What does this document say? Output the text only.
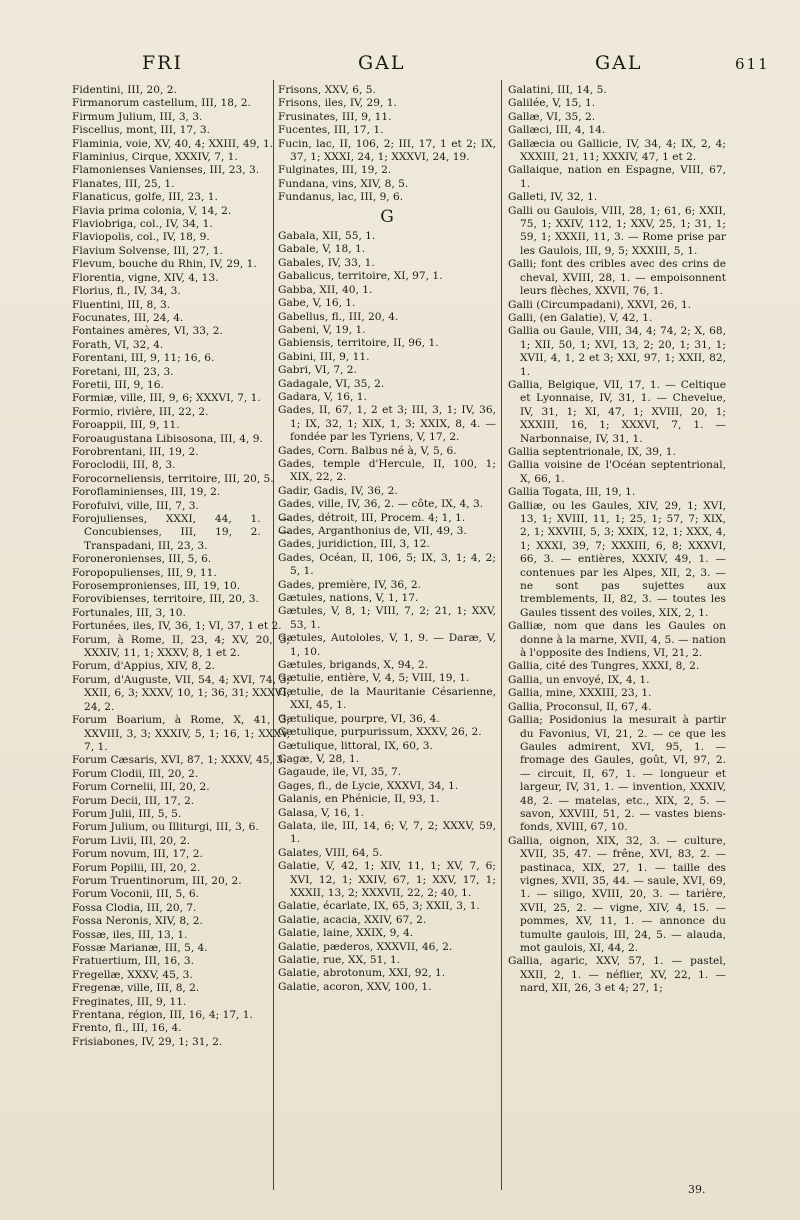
FRI	GAL	GAL	611

Fidentini, III, 20, 2.

Firmanorum castellum, III, 18, 2.

Firmum Julium, III, 3, 3.

Fiscellus, mont, III, 17, 3.

Flaminia, voie, XV, 40, 4; XXIII, 49, 1.

Flaminius, Cirque, XXXIV, 7, 1.

Flamonienses Vanienses, III, 23, 3.

Flanates, III, 25, 1.

Flanaticus, golfe, III, 23, 1.

Flavia prima colonia, V, 14, 2.

Flaviobriga, col., IV, 34, 1.

Flaviopolis, col., IV, 18, 9.

Flavium Solvense, III, 27, 1.

Flevum, bouche du Rhin, IV, 29, 1.

Florentia, vigne, XIV, 4, 13.

Florius, fl., IV, 34, 3.

Fluentini, III, 8, 3.

Focunates, III, 24, 4.

Fontaines amères, VI, 33, 2.

Forath, VI, 32, 4.

Forentani, III, 9, 11; 16, 6.

Foretani, III, 23, 3.

Foretii, III, 9, 16.

Formiæ, ville, III, 9, 6; XXXVI, 7, 1.

Formio, rivière, III, 22, 2.

Foroappii, III, 9, 11.

Foroaugustana Libisosona, III, 4, 9.

Forobrentani, III, 19, 2.

Foroclodii, III, 8, 3.

Forocorneliensis, territoire, III, 20, 5.

Foroflaminienses, III, 19, 2.

Forofulvi, ville, III, 7, 3.

Forojulienses, XXXI, 44, 1. — Concubienses, III, 19, 2. — Transpadani, III, 23, 3.

Foroneronienses, III, 5, 6.

Foropopulienses, III, 9, 11.

Forosempronienses, III, 19, 10.

Forovibienses, territoire, III, 20, 3.

Fortunales, III, 3, 10.

Fortunées, iles, IV, 36, 1; VI, 37, 1 et 2.

Forum, à Rome, II, 23, 4; XV, 20, 3; XXXIV, 11, 1; XXXV, 8, 1 et 2.

Forum, d'Appius, XIV, 8, 2.

Forum, d'Auguste, VII, 54, 4; XVI, 74, 3; XXII, 6, 3; XXXV, 10, 1; 36, 31; XXXVI, 24, 2.

Forum Boarium, à Rome, X, 41, 3; XXVIII, 3, 3; XXXIV, 5, 1; 16, 1; XXXV, 7, 1.

Forum Cæsaris, XVI, 87, 1; XXXV, 45, 3.

Forum Clodii, III, 20, 2.

Forum Cornelii, III, 20, 2.

Forum Decii, III, 17, 2.

Forum Julii, III, 5, 5.

Forum Julium, ou Illiturgi, III, 3, 6.

Forum Livii, III, 20, 2.

Forum novum, III, 17, 2.

Forum Popilii, III, 20, 2.

Forum Truentinorum, III, 20, 2.

Forum Voconii, III, 5, 6.

Fossa Clodia, III, 20, 7.

Fossa Neronis, XIV, 8, 2.

Fossæ, iles, III, 13, 1.

Fossæ Marianæ, III, 5, 4.

Fratuertium, III, 16, 3.

Fregellæ, XXXV, 45, 3.

Fregenæ, ville, III, 8, 2.

Freginates, III, 9, 11.

Frentana, région, III, 16, 4; 17, 1.

Frento, fl., III, 16, 4.

Frisiabones, IV, 29, 1; 31, 2.

Frisons, XXV, 6, 5.

Frisons, iles, IV, 29, 1.

Frusinates, III, 9, 11.

Fucentes, III, 17, 1.

Fucin, lac, II, 106, 2; III, 17, 1 et 2; IX, 37, 1; XXXI, 24, 1; XXXVI, 24, 19.

Fulginates, III, 19, 2.

Fundana, vins, XIV, 8, 5.

Fundanus, lac, III, 9, 6.

G

Gabala, XII, 55, 1.

Gabale, V, 18, 1.

Gabales, IV, 33, 1.

Gabalicus, territoire, XI, 97, 1.

Gabba, XII, 40, 1.

Gabe, V, 16, 1.

Gabellus, fl., III, 20, 4.

Gabeni, V, 19, 1.

Gabiensis, territoire, II, 96, 1.

Gabini, III, 9, 11.

Gabri, VI, 7, 2.

Gadagale, VI, 35, 2.

Gadara, V, 16, 1.

Gades, II, 67, 1, 2 et 3; III, 3, 1; IV, 36, 1; IX, 32, 1; XIX, 1, 3; XXIX, 8, 4. — fondée par les Tyriens, V, 17, 2.

Gades, Corn. Balbus né à, V, 5, 6.

Gades, temple d'Hercule, II, 100, 1; XIX, 22, 2.

Gadir, Gadis, IV, 36, 2.

Gades, ville, IV, 36, 2. — côte, IX, 4, 3.

Gades, détroit, III, Procem. 4; 1, 1.

Gades, Arganthonius de, VII, 49, 3.

Gades, juridiction, III, 3, 12.

Gades, Océan, II, 106, 5; IX, 3, 1; 4, 2; 5, 1.

Gades, première, IV, 36, 2.

Gætules, nations, V, 1, 17.

Gætules, V, 8, 1; VIII, 7, 2; 21, 1; XXV, 53, 1.

Gætules, Autololes, V, 1, 9. — Daræ, V, 1, 10.

Gætules, brigands, X, 94, 2.

Gætulie, entière, V, 4, 5; VIII, 19, 1.

Gætulie, de la Mauritanie Césarienne, XXI, 45, 1.

Gætulique, pourpre, VI, 36, 4.

Gætulique, purpurissum, XXXV, 26, 2.

Gætulique, littoral, IX, 60, 3.

Gagæ, V, 28, 1.

Gagaude, ile, VI, 35, 7.

Gages, fl., de Lycie, XXXVI, 34, 1.

Galanis, en Phénicie, II, 93, 1.

Galasa, V, 16, 1.

Galata, ile, III, 14, 6; V, 7, 2; XXXV, 59, 1.

Galates, VIII, 64, 5.

Galatie, V, 42, 1; XIV, 11, 1; XV, 7, 6; XVI, 12, 1; XXIV, 67, 1; XXV, 17, 1; XXXII, 13, 2; XXXVII, 22, 2; 40, 1.

Galatie, écarlate, IX, 65, 3; XXII, 3, 1.

Galatie, acacia, XXIV, 67, 2.

Galatie, laine, XXIX, 9, 4.

Galatie, pæderos, XXXVII, 46, 2.

Galatie, rue, XX, 51, 1.

Galatie, abrotonum, XXI, 92, 1.

Galatie, acoron, XXV, 100, 1.

Galatini, III, 14, 5.

Galilée, V, 15, 1.

Gallæ, VI, 35, 2.

Gallæci, III, 4, 14.

Gallæcia ou Gallicie, IV, 34, 4; IX, 2, 4; XXXIII, 21, 11; XXXIV, 47, 1 et 2.

Gallaique, nation en Espagne, VIII, 67, 1.

Galleti, IV, 32, 1.

Galli ou Gaulois, VIII, 28, 1; 61, 6; XXII, 75, 1; XXIV, 112, 1; XXV, 25, 1; 31, 1; 59, 1; XXXII, 11, 3. — Rome prise par les Gaulois, III, 9, 5; XXXIII, 5, 1.

Galli; font des cribles avec des crins de cheval, XVIII, 28, 1. — empoisonnent leurs flèches, XXVII, 76, 1.

Galli (Circumpadani), XXVI, 26, 1.

Galli, (en Galatie), V, 42, 1.

Gallia ou Gaule, VIII, 34, 4; 74, 2; X, 68, 1; XII, 50, 1; XVI, 13, 2; 20, 1; 31, 1; XVII, 4, 1, 2 et 3; XXI, 97, 1; XXII, 82, 1.

Gallia, Belgique, VII, 17, 1. — Celtique et Lyonnaise, IV, 31, 1. — Chevelue, IV, 31, 1; XI, 47, 1; XVIII, 20, 1; XXXIII, 16, 1; XXXVI, 7, 1. — Narbonnaise, IV, 31, 1.

Gallia septentrionale, IX, 39, 1.

Gallia voisine de l'Océan septentrional, X, 66, 1.

Gallia Togata, III, 19, 1.

Galliæ, ou les Gaules, XIV, 29, 1; XVI, 13, 1; XVIII, 11, 1; 25, 1; 57, 7; XIX, 2, 1; XXVIII, 5, 3; XXIX, 12, 1; XXX, 4, 1; XXXI, 39, 7; XXXIII, 6, 8; XXXVI, 66, 3. — entières, XXXIV, 49, 1. — contenues par les Alpes, XII, 2, 3. — ne sont pas sujettes aux tremblements, II, 82, 3. — toutes les Gaules tissent des voiles, XIX, 2, 1.

Galliæ, nom que dans les Gaules on donne à la marne, XVII, 4, 5. — nation à l'opposite des Indiens, VI, 21, 2.

Gallia, cité des Tungres, XXXI, 8, 2.

Gallia, un envoyé, IX, 4, 1.

Gallia, mine, XXXIII, 23, 1.

Gallia, Proconsul, II, 67, 4.

Gallia; Posidonius la mesurait à partir du Favonius, VI, 21, 2. — ce que les Gaules admirent, XVI, 95, 1. — fromage des Gaules, goût, VI, 97, 2. — circuit, II, 67, 1. — longueur et largeur, IV, 31, 1. — invention, XXXIV, 48, 2. — matelas, etc., XIX, 2, 5. — savon, XXVIII, 51, 2. — vastes biens-fonds, XVIII, 67, 10.

Gallia, oignon, XIX, 32, 3. — culture, XVII, 35, 47. — frêne, XVI, 83, 2. — pastinaca, XIX, 27, 1. — taille des vignes, XVII, 35, 44. — saule, XVI, 69, 1. — siligo, XVIII, 20, 3. — tarière, XVII, 25, 2. — vigne, XIV, 4, 15. — pommes, XV, 11, 1. — annonce du tumulte gaulois, III, 24, 5. — alauda, mot gaulois, XI, 44, 2.

Gallia, agaric, XXV, 57, 1. — pastel, XXII, 2, 1. — néflier, XV, 22, 1. — nard, XII, 26, 3 et 4; 27, 1;

39.
